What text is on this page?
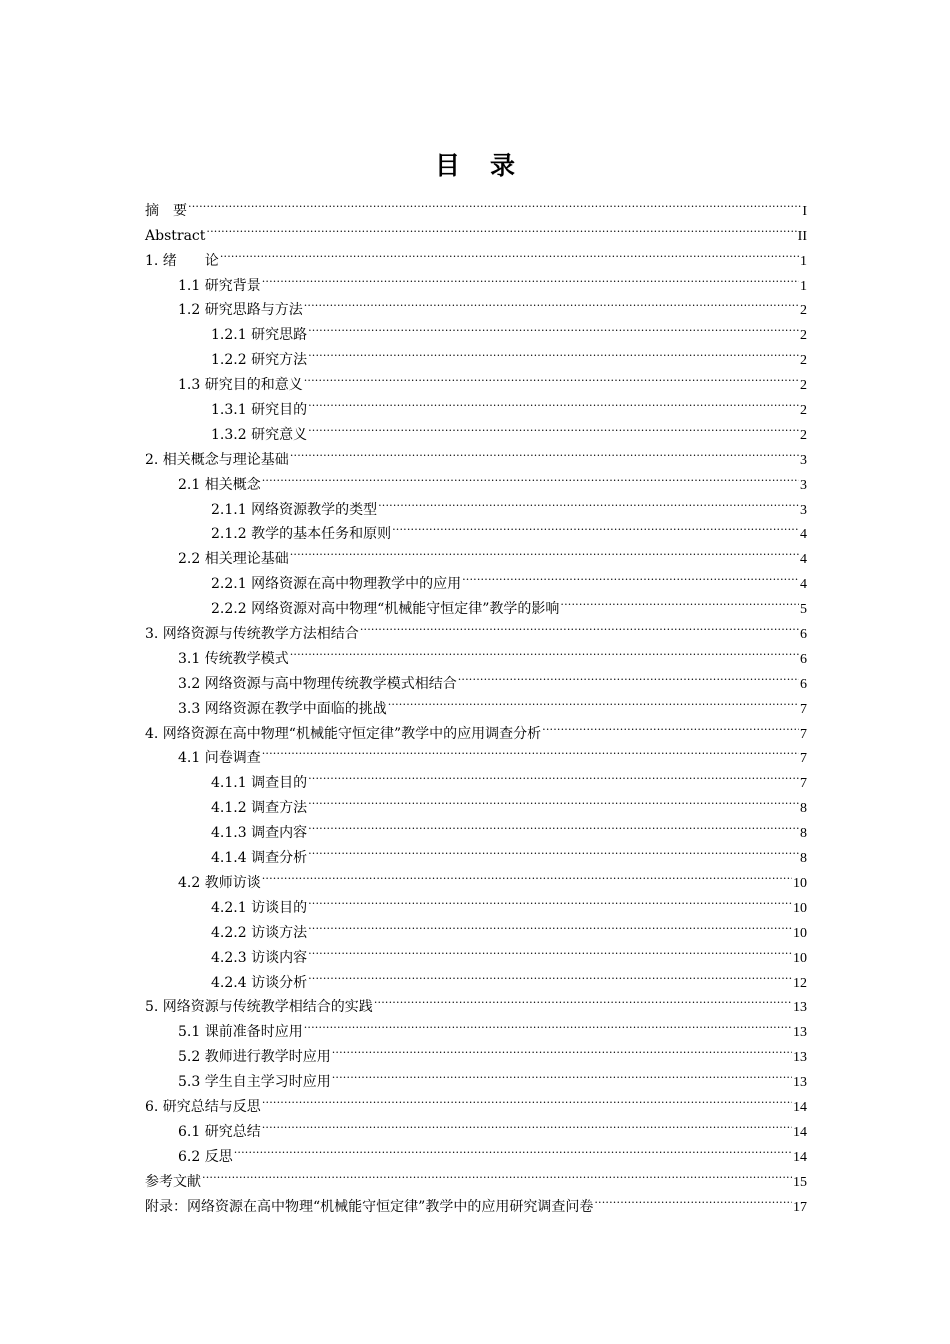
目 录
摘　要 .....	I
Abstract .....	II
1. 绪　　论 .....	1
1.1 研究背景 .....	1
1.2 研究思路与方法 .....	2
1.2.1 研究思路 .....	2
1.2.2 研究方法 .....	2
1.3 研究目的和意义 .....	2
1.3.1 研究目的 .....	2
1.3.2 研究意义 .....	2
2. 相关概念与理论基础 .....	3
2.1 相关概念 .....	3
2.1.1 网络资源教学的类型 .....	3
2.1.2 教学的基本任务和原则 .....	4
2.2 相关理论基础 .....	4
2.2.1 网络资源在高中物理教学中的应用 .....	4
2.2.2 网络资源对高中物理“机械能守恒定律”教学的影响 .....	5
3. 网络资源与传统教学方法相结合 .....	6
3.1 传统教学模式 .....	6
3.2 网络资源与高中物理传统教学模式相结合 .....	6
3.3 网络资源在教学中面临的挑战 .....	7
4. 网络资源在高中物理“机械能守恒定律”教学中的应用调查分析 .....	7
4.1 问卷调查 .....	7
4.1.1 调查目的 .....	7
4.1.2 调查方法 .....	8
4.1.3 调查内容 .....	8
4.1.4 调查分析 .....	8
4.2 教师访谈 .....	10
4.2.1 访谈目的 .....	10
4.2.2 访谈方法 .....	10
4.2.3 访谈内容 .....	10
4.2.4 访谈分析 .....	12
5. 网络资源与传统教学相结合的实践 .....	13
5.1 课前准备时应用 .....	13
5.2 教师进行教学时应用 .....	13
5.3 学生自主学习时应用 .....	13
6. 研究总结与反思 .....	14
6.1 研究总结 .....	14
6.2 反思 .....	14
参考文献 .....	15
附录：网络资源在高中物理“机械能守恒定律”教学中的应用研究调查问卷 .....	17
